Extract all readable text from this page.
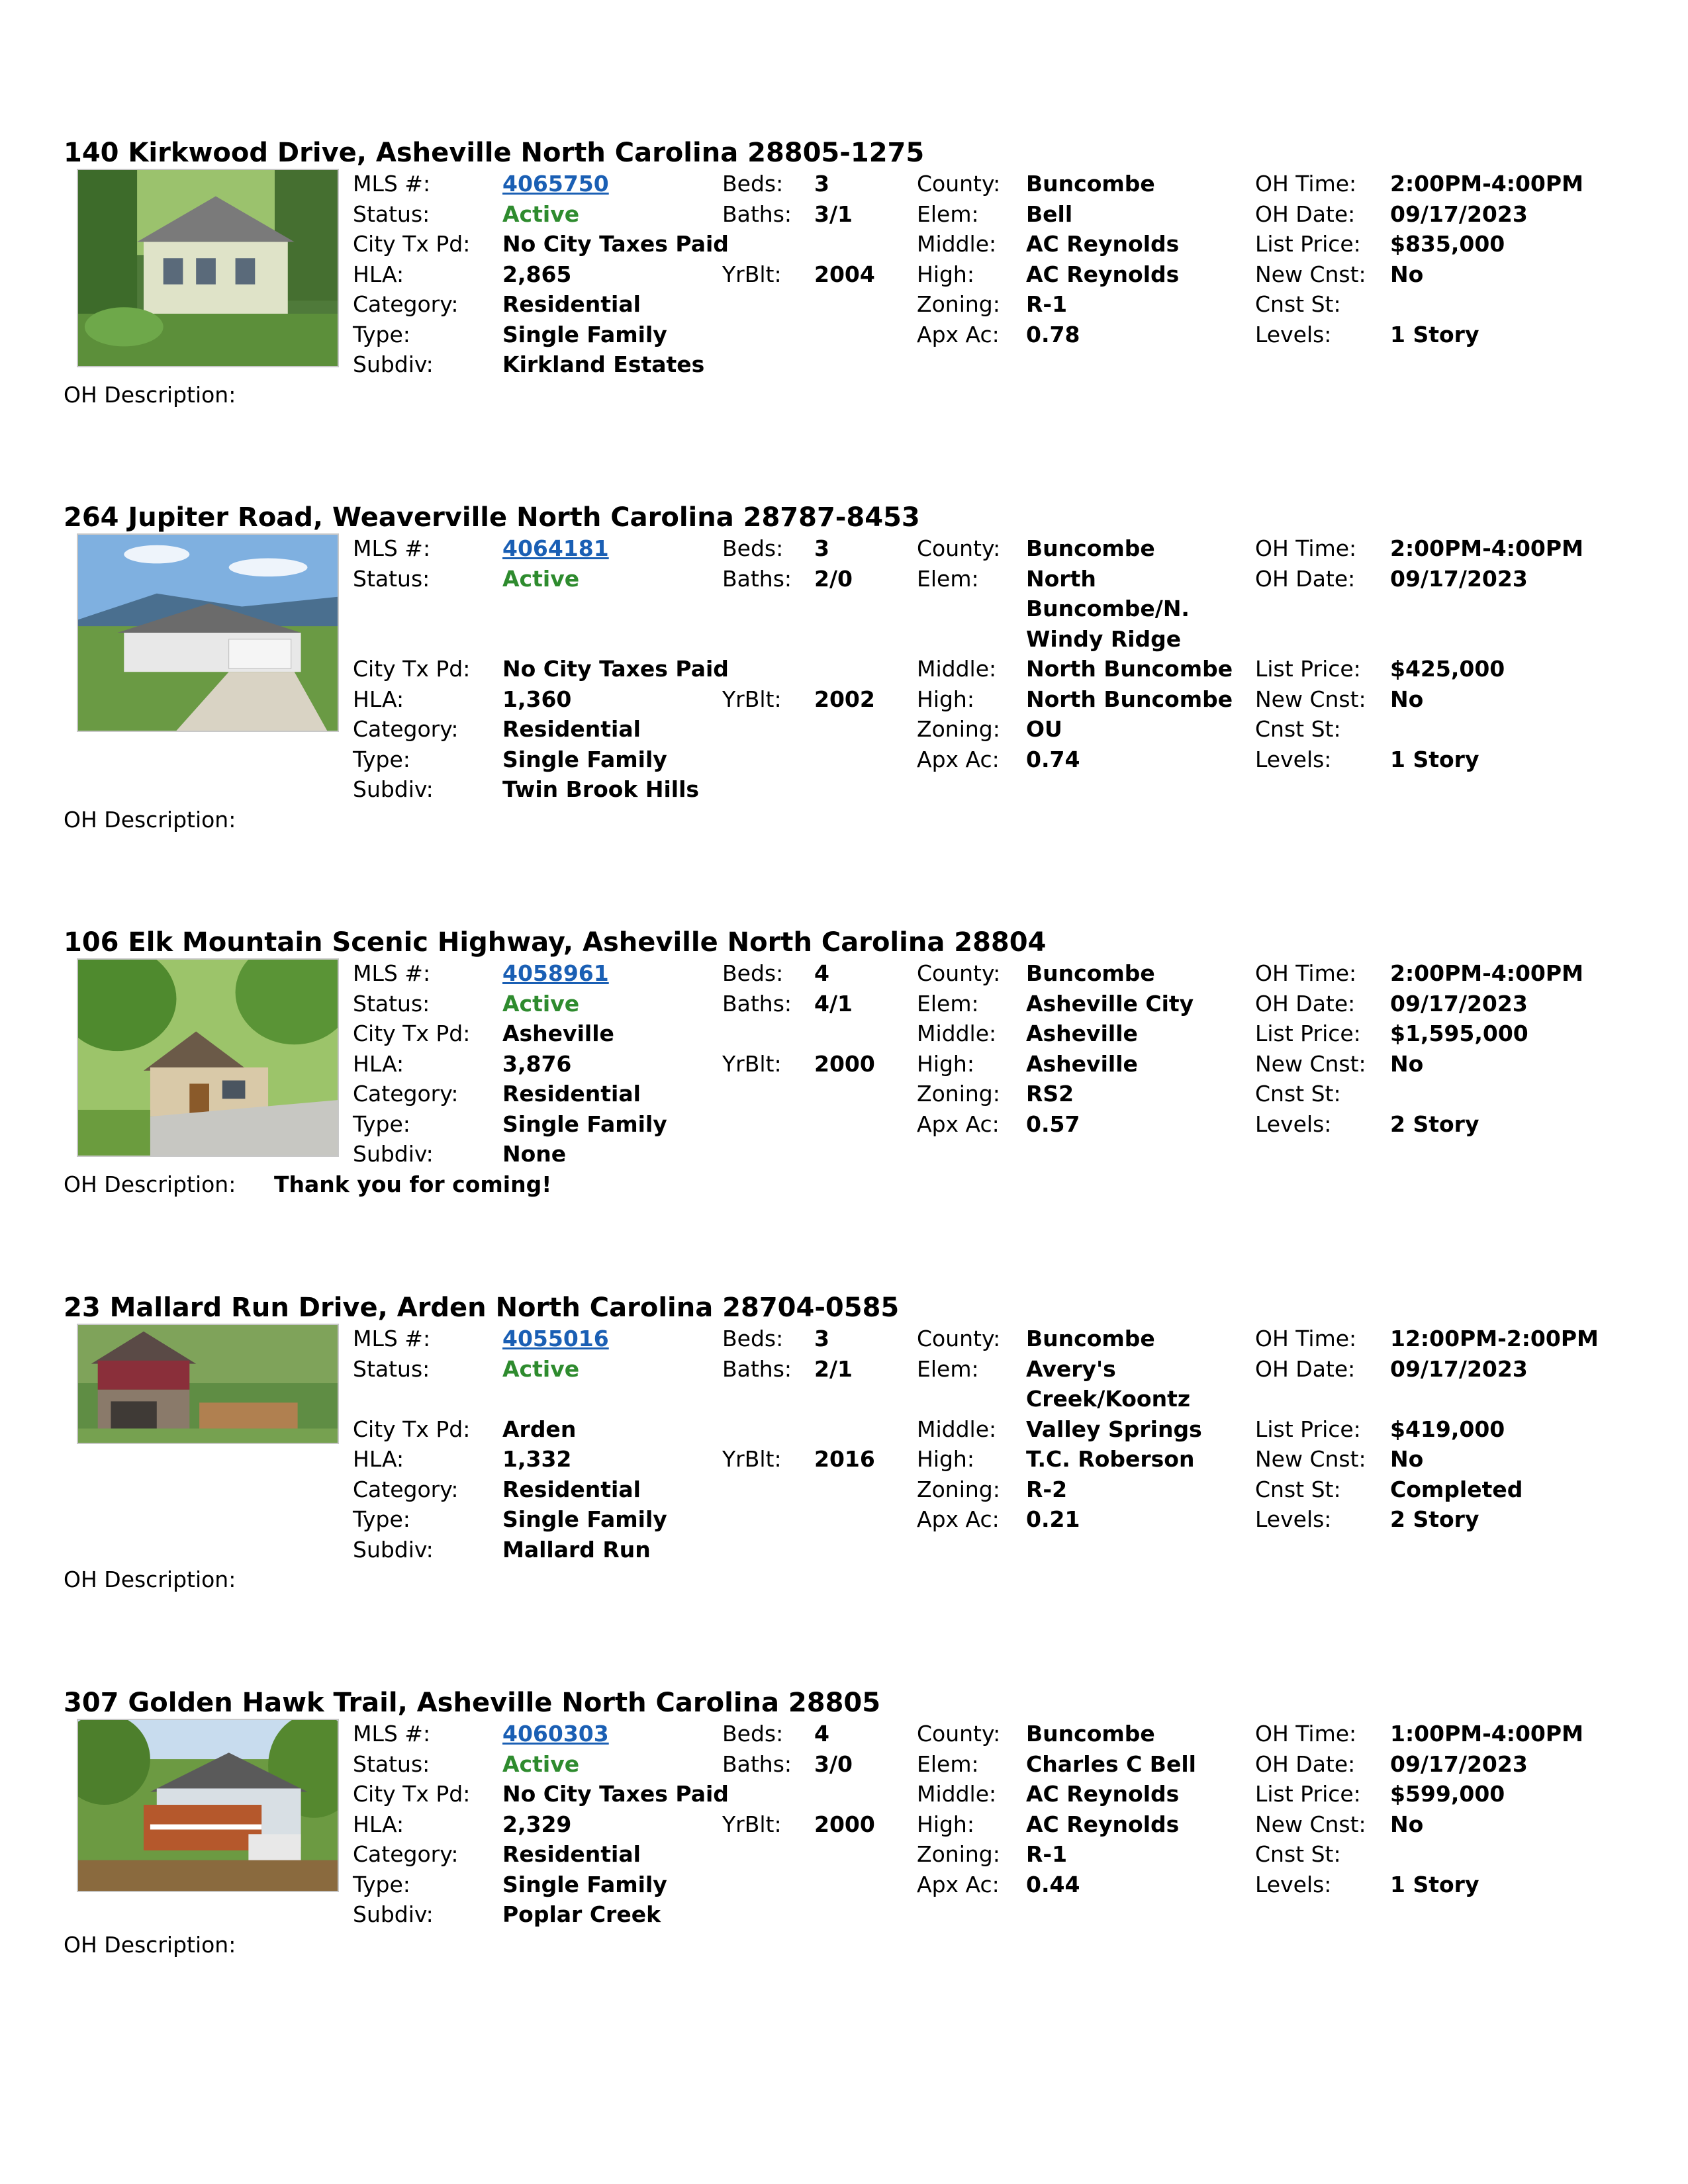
140 Kirkwood Drive, Asheville North Carolina 28805-1275
MLS #:	4065750	Beds: 3	County: Buncombe	OH Time: 2:00PM-4:00PM
Status:	Active	Baths: 3/1	Elem: Bell	OH Date: 09/17/2023
City Tx Pd: No City Taxes Paid	Middle: AC Reynolds	List Price: $835,000
HLA:	2,865	YrBlt: 2004 High: AC Reynolds	New Cnst: No
Category: Residential	Zoning: R-1	Cnst St:
Type:	Single Family	Apx Ac: 0.78	Levels:	1 Story
Subdiv:	Kirkland Estates
OH Description:
264 Jupiter Road, Weaverville North Carolina 28787-8453
MLS #:	4064181	Beds: 3	County: Buncombe	OH Time: 2:00PM-4:00PM
Status:	Active	Baths: 2/0	Elem: North Buncombe/N. Windy Ridge
OH Date: 09/17/2023
City Tx Pd: No City Taxes Paid	Middle: North Buncombe List Price: $425,000
HLA:	1,360	YrBlt: 2002 High: North Buncombe New Cnst: No
Category: Residential	Zoning: OU	Cnst St:
Type:	Single Family	Apx Ac: 0.74	Levels:	1 Story
Subdiv:	Twin Brook Hills
OH Description:
106 Elk Mountain Scenic Highway, Asheville North Carolina 28804
MLS #:	4058961	Beds: 4	County: Buncombe	OH Time: 2:00PM-4:00PM
Status:	Active	Baths: 4/1	Elem: Asheville City	OH Date: 09/17/2023
City Tx Pd: Asheville	Middle: Asheville	List Price: $1,595,000
HLA:	3,876	YrBlt: 2000 High: Asheville	New Cnst: No
Category: Residential	Zoning: RS2	Cnst St:
Type:	Single Family	Apx Ac: 0.57	Levels:	2 Story
Subdiv:	None
OH Description: Thank you for coming!
23 Mallard Run Drive, Arden North Carolina 28704-0585
MLS #:	4055016	Beds: 3	County: Buncombe	OH Time: 12:00PM-2:00PM
Status:	Active	Baths: 2/1	Elem: Avery's Creek/Koontz
OH Date: 09/17/2023
City Tx Pd: Arden	Middle: Valley Springs List Price: $419,000
HLA:	1,332	YrBlt: 2016 High: T.C. Roberson	New Cnst: No
Category: Residential	Zoning: R-2	Cnst St: Completed
Type:	Single Family	Apx Ac: 0.21	Levels:	2 Story
Subdiv:	Mallard Run
OH Description:
307 Golden Hawk Trail, Asheville North Carolina 28805
MLS #:	4060303	Beds: 4	County: Buncombe	OH Time: 1:00PM-4:00PM
Status:	Active	Baths: 3/0	Elem: Charles C Bell	OH Date: 09/17/2023
City Tx Pd: No City Taxes Paid	Middle: AC Reynolds	List Price: $599,000
HLA:	2,329	YrBlt: 2000 High: AC Reynolds	New Cnst: No
Category: Residential	Zoning: R-1	Cnst St:
Type:	Single Family	Apx Ac: 0.44	Levels:	1 Story
Subdiv:	Poplar Creek
OH Description:
